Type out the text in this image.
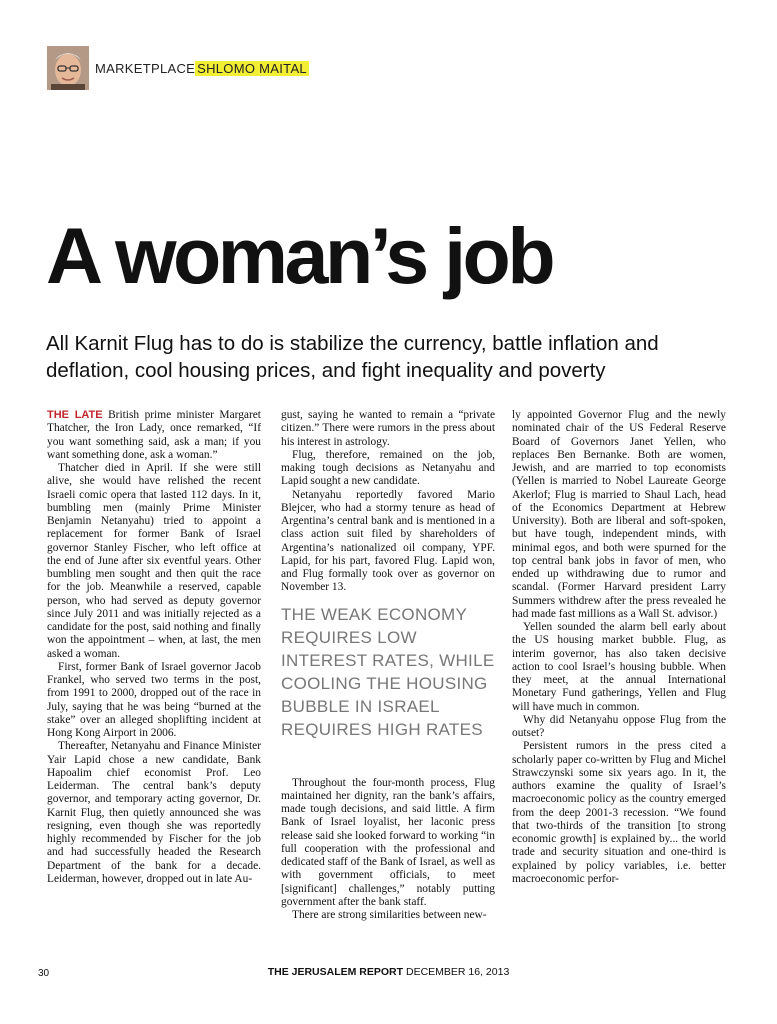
MARKETPLACE SHLOMO MAITAL
A woman’s job

All Karnit Flug has to do is stabilize the currency, battle inflation and deflation, cool housing prices, and fight inequality and poverty

THE LATE British prime minister Margaret Thatcher, the Iron Lady, once remarked, “If you want something said, ask a man; if you want something done, ask a woman.”

Thatcher died in April. If she were still alive, she would have relished the recent Israeli comic opera that lasted 112 days. In it, bumbling men (mainly Prime Minister Benjamin Netanyahu) tried to appoint a replacement for former Bank of Israel governor Stanley Fischer, who left office at the end of June after six eventful years. Other bumbling men sought and then quit the race for the job. Meanwhile a reserved, capable person, who had served as deputy governor since July 2011 and was initially rejected as a candidate for the post, said nothing and finally won the appointment – when, at last, the men asked a woman.

First, former Bank of Israel governor Jacob Frankel, who served two terms in the post, from 1991 to 2000, dropped out of the race in July, saying that he was being “burned at the stake” over an alleged shoplifting incident at Hong Kong Airport in 2006.

Thereafter, Netanyahu and Finance Minister Yair Lapid chose a new candidate, Bank Hapoalim chief economist Prof. Leo Leiderman. The central bank’s deputy governor, and temporary acting governor, Dr. Karnit Flug, then quietly announced she was resigning, even though she was reportedly highly recommended by Fischer for the job and had successfully headed the Research Department of the bank for a decade. Leiderman, however, dropped out in late Au-

gust, saying he wanted to remain a “private citizen.” There were rumors in the press about his interest in astrology.

Flug, therefore, remained on the job, making tough decisions as Netanyahu and Lapid sought a new candidate.

Netanyahu reportedly favored Mario Blejcer, who had a stormy tenure as head of Argentina’s central bank and is mentioned in a class action suit filed by shareholders of Argentina’s nationalized oil company, YPF. Lapid, for his part, favored Flug. Lapid won, and Flug formally took over as governor on November 13.

THE WEAK ECONOMY REQUIRES LOW INTEREST RATES, WHILE COOLING THE HOUSING BUBBLE IN ISRAEL REQUIRES HIGH RATES

Throughout the four-month process, Flug maintained her dignity, ran the bank’s affairs, made tough decisions, and said little. A firm Bank of Israel loyalist, her laconic press release said she looked forward to working “in full cooperation with the professional and dedicated staff of the Bank of Israel, as well as with government officials, to meet [significant] challenges,” notably putting government after the bank staff.

There are strong similarities between new-

ly appointed Governor Flug and the newly nominated chair of the US Federal Reserve Board of Governors Janet Yellen, who replaces Ben Bernanke. Both are women, Jewish, and are married to top economists (Yellen is married to Nobel Laureate George Akerlof; Flug is married to Shaul Lach, head of the Economics Department at Hebrew University). Both are liberal and soft-spoken, but have tough, independent minds, with minimal egos, and both were spurned for the top central bank jobs in favor of men, who ended up withdrawing due to rumor and scandal. (Former Harvard president Larry Summers withdrew after the press revealed he had made fast millions as a Wall St. advisor.)

Yellen sounded the alarm bell early about the US housing market bubble. Flug, as interim governor, has also taken decisive action to cool Israel’s housing bubble. When they meet, at the annual International Monetary Fund gatherings, Yellen and Flug will have much in common.

Why did Netanyahu oppose Flug from the outset?

Persistent rumors in the press cited a scholarly paper co-written by Flug and Michel Strawczynski some six years ago. In it, the authors examine the quality of Israel’s macroeconomic policy as the country emerged from the deep 2001-3 recession. “We found that two-thirds of the transition [to strong economic growth] is explained by... the world trade and security situation and one-third is explained by policy variables, i.e. better macroeconomic perfor-

30	THE JERUSALEM REPORT DECEMBER 16, 2013
